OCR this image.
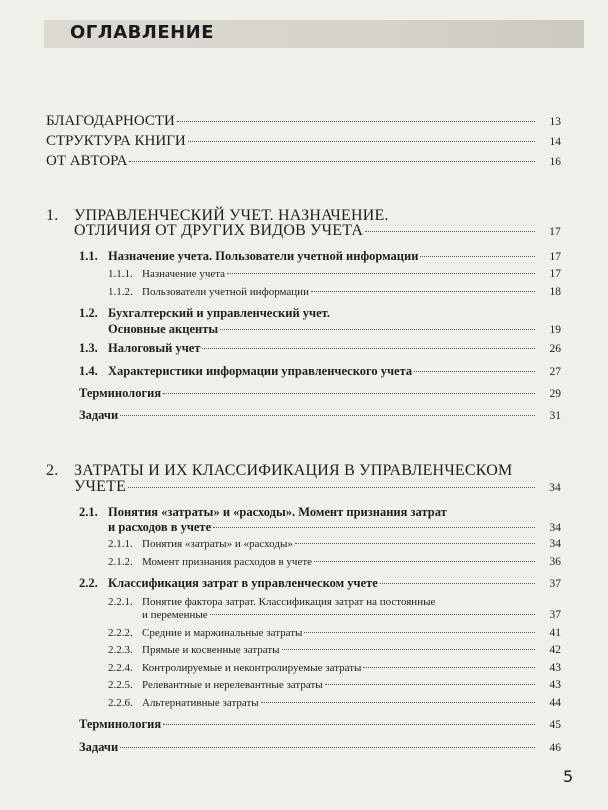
ОГЛАВЛЕНИЕ
БЛАГОДАРНОСТИ	13
СТРУКТУРА КНИГИ	14
ОТ АВТОРА	16
1. УПРАВЛЕНЧЕСКИЙ УЧЕТ. НАЗНАЧЕНИЕ.
ОТЛИЧИЯ ОТ ДРУГИХ ВИДОВ УЧЕТА	17
1.1. Назначение учета. Пользователи учетной информации	17
1.1.1. Назначение учета	17
1.1.2. Пользователи учетной информации	18
1.2. Бухгалтерский и управленческий учет.
Основные акценты	19
1.3. Налоговый учет	26
1.4. Характеристики информации управленческого учета	27
Терминология	29
Задачи	31
2. ЗАТРАТЫ И ИХ КЛАССИФИКАЦИЯ В УПРАВЛЕНЧЕСКОМ
УЧЕТЕ	34
2.1. Понятия «затраты» и «расходы». Момент признания затрат
и расходов в учете	34
2.1.1. Понятия «затраты» и «расходы»	34
2.1.2. Момент признания расходов в учете	36
2.2. Классификация затрат в управленческом учете	37
2.2.1. Понятие фактора затрат. Классификация затрат на постоянные
и переменные	37
2.2.2. Средние и маржинальные затраты	41
2.2.3. Прямые и косвенные затраты	42
2.2.4. Контролируемые и неконтролируемые затраты	43
2.2.5. Релевантные и нерелевантные затраты	43
2.2.6. Альтернативные затраты	44
Терминология	45
Задачи	46
5
